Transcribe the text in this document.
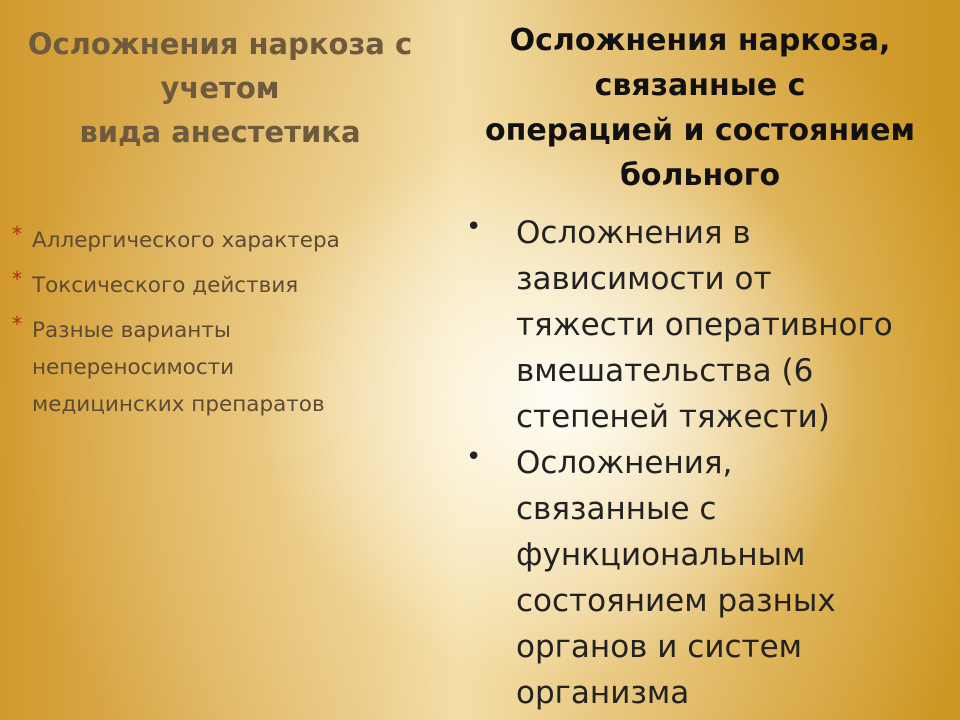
Осложнения наркоза с
учетом
вида анестетика
* Аллергического характера
* Токсического действия
* Разные варианты непереносимости медицинских препаратов
Осложнения наркоза,
связанные с
операцией и состоянием
больного
• Осложнения в зависимости от тяжести оперативного вмешательства (6 степеней тяжести)
• Осложнения, связанные с функциональным состоянием разных органов и систем организма
